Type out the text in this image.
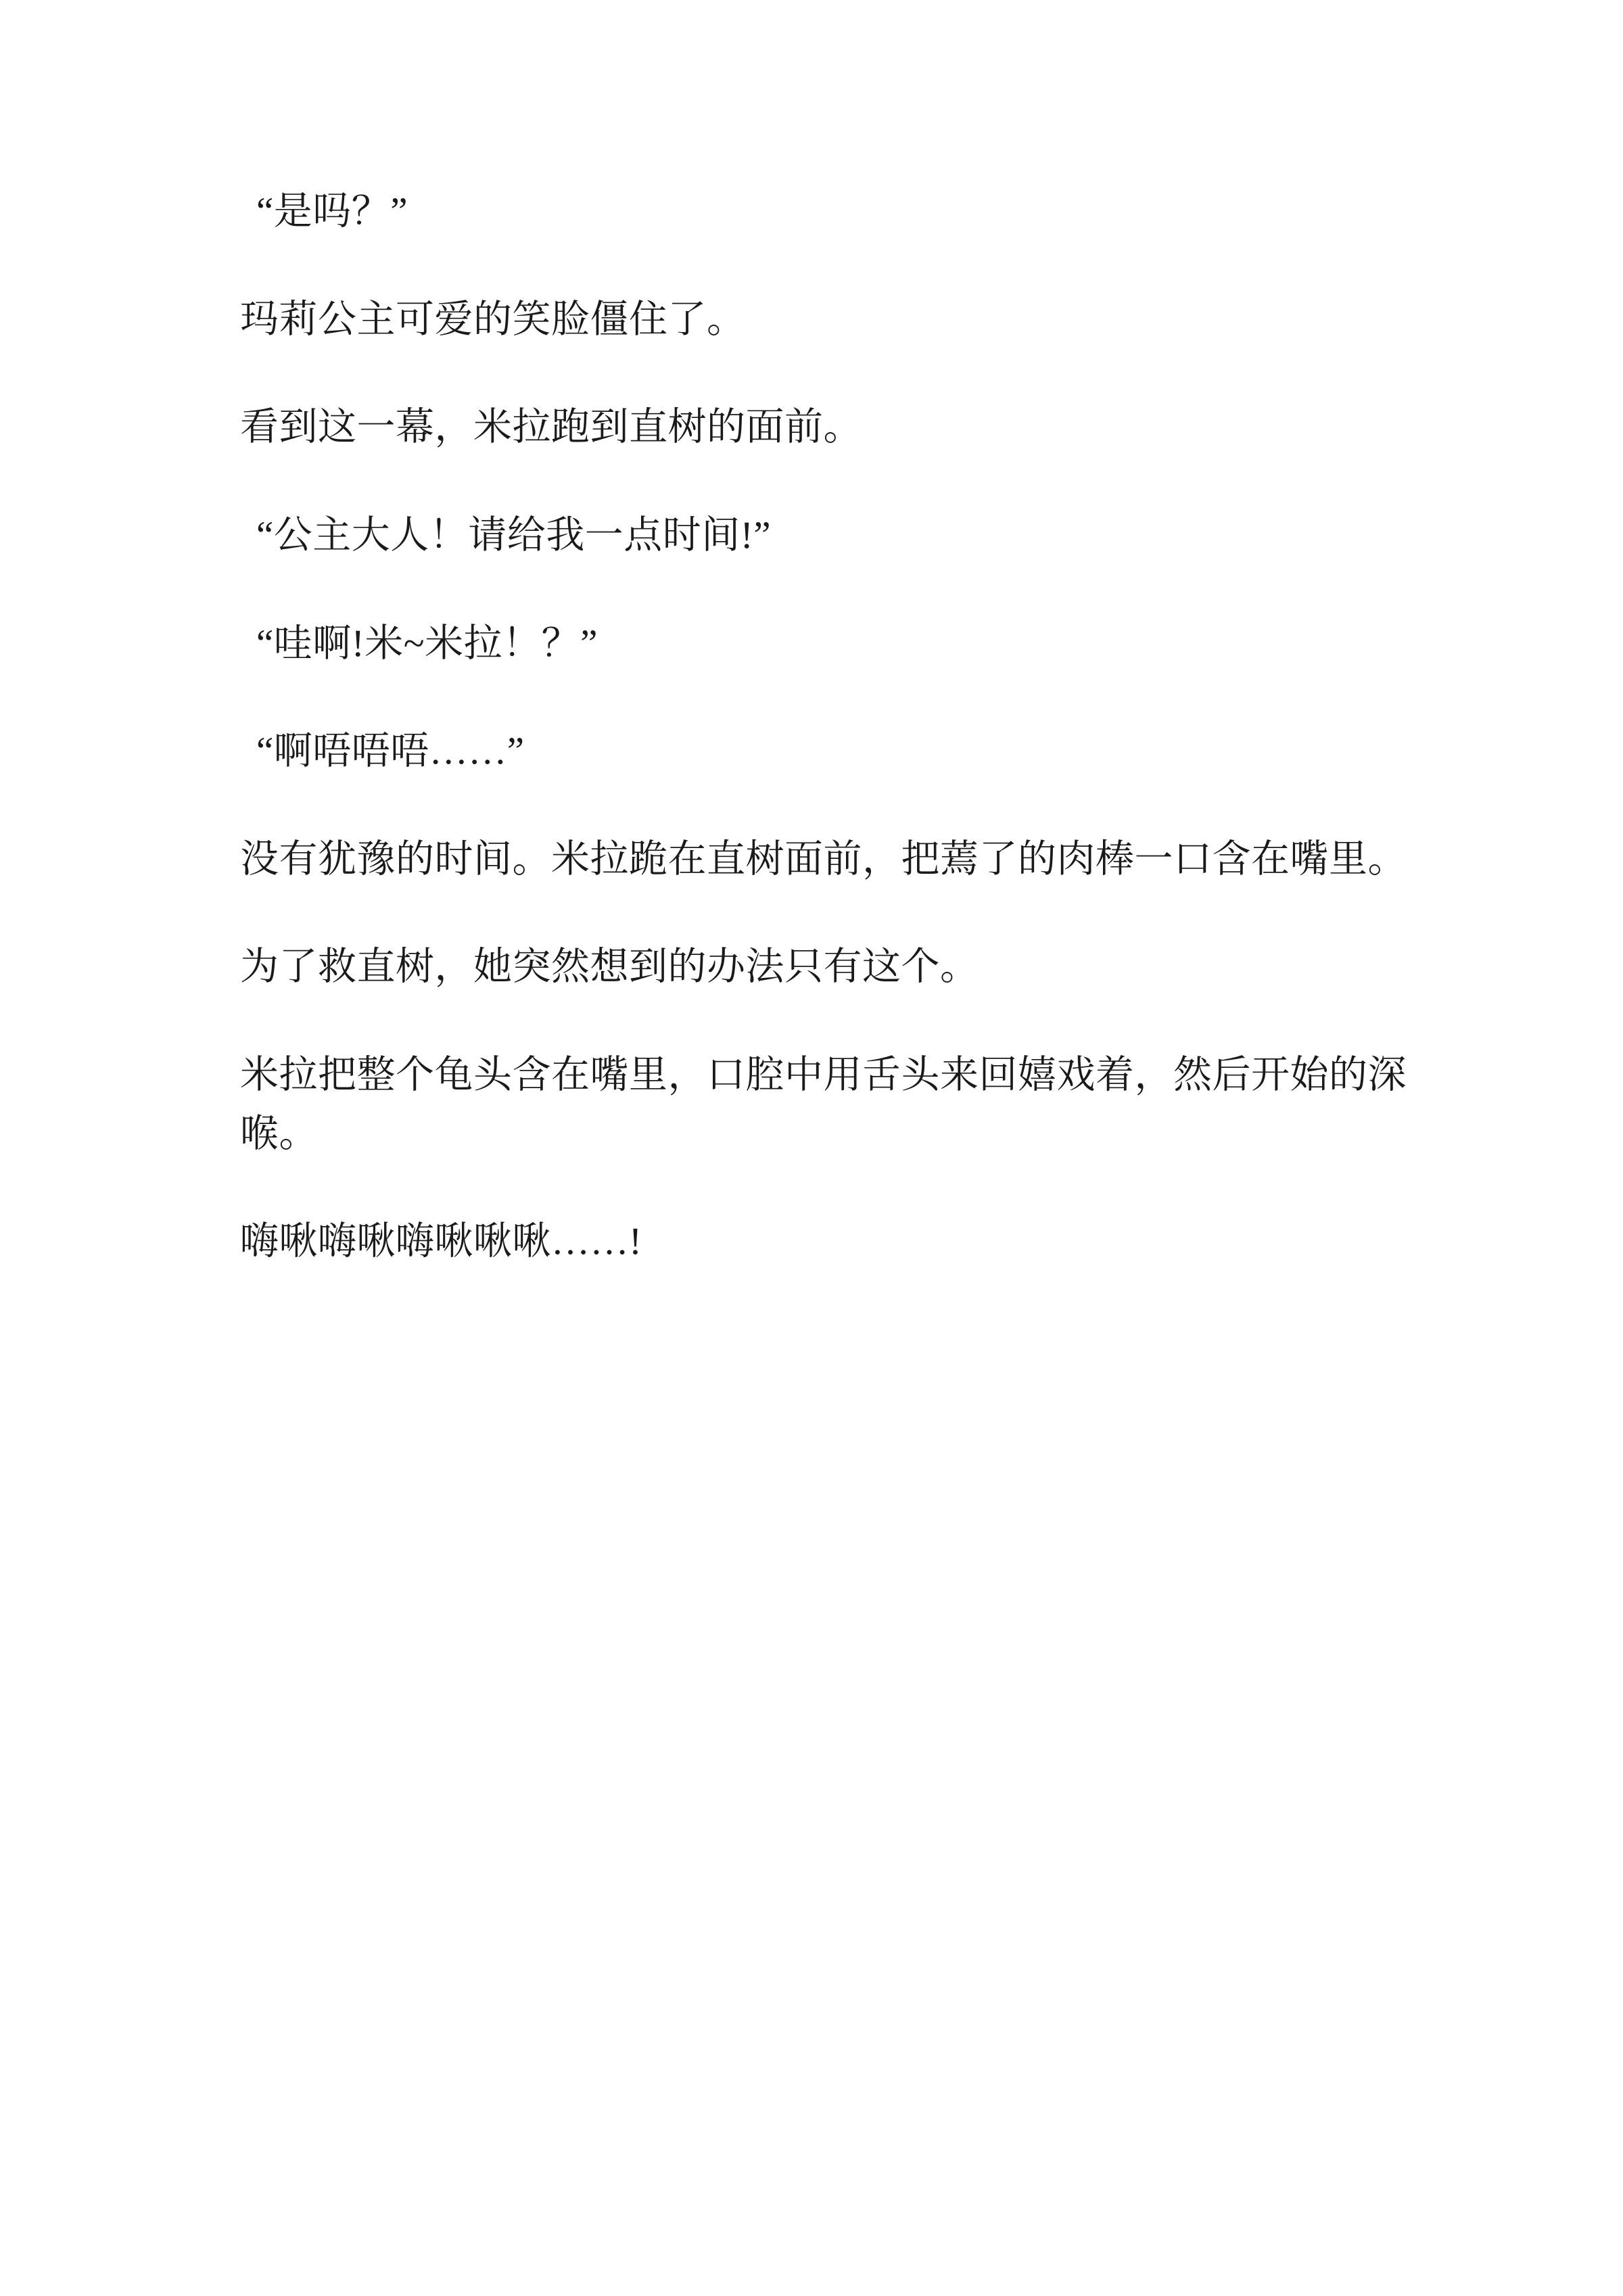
“是吗？”

玛莉公主可爱的笑脸僵住了。

看到这一幕，米拉跑到直树的面前。

“公主大人！请给我一点时间!”

“哇啊!米~米拉！？”

“啊唔唔唔……”

没有犹豫的时间。米拉跪在直树面前，把蔫了的肉棒一口含在嘴里。

为了救直树，她突然想到的办法只有这个。

米拉把整个龟头含在嘴里，口腔中用舌头来回嬉戏着，然后开始的深喉。

嗨啾嗨啾嗨啾啾啾……!
